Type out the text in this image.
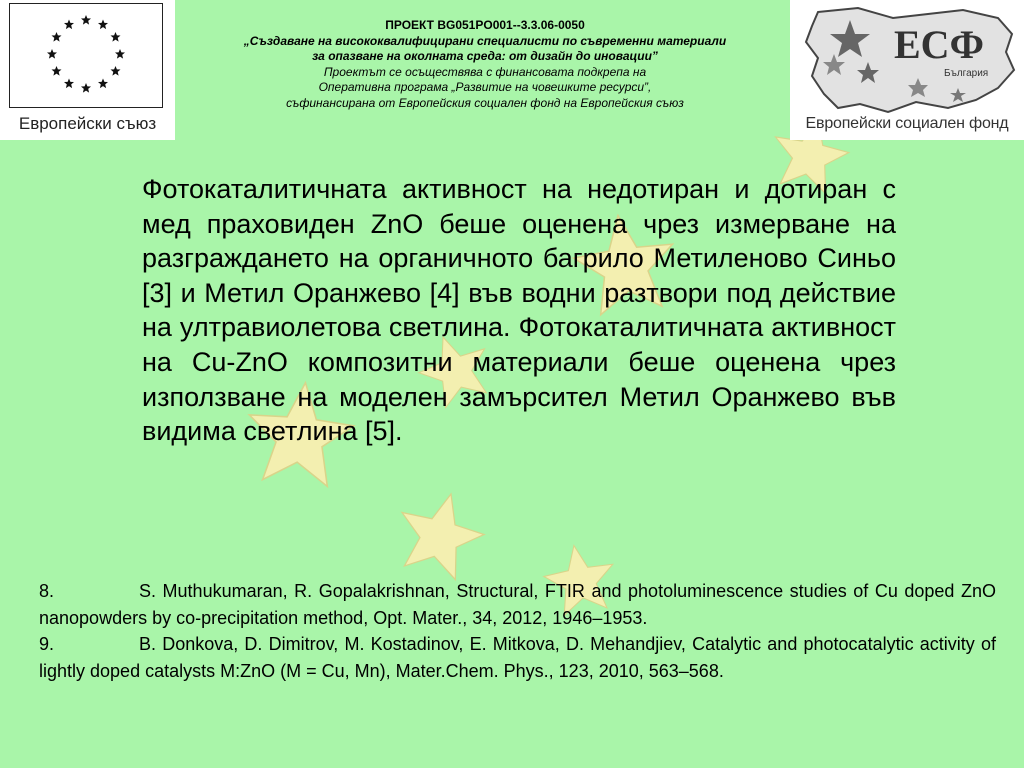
Европейски съюз
ЕСФ
България
Европейски социален фонд
ПРОЕКТ BG051PO001--3.3.06-0050
„Създаване на висококвалифицирани специалисти по съвременни материали
за опазване на околната среда: от дизайн до иновации”
Проектът се осъществява с финансовата подкрепа на
Оперативна програма „Развитие на човешките ресурси”,
съфинансирана от Европейския социален фонд на Европейския съюз
Фотокаталитичната активност на недотиран и дотиран с мед праховиден ZnO беше оценена чрез измерване на разграждането на органичното багрило Метиленово Синьо [3] и Метил Оранжево [4] във водни разтвори под действие на ултравиолетова светлина. Фотокаталитичната активност на Cu-ZnO композитни материали беше оценена чрез използване на моделен замърсител Метил Оранжево във видима светлина [5].
8.	S. Muthukumaran, R. Gopalakrishnan, Structural, FTIR and photoluminescence studies of Cu doped ZnO nanopowders by co-precipitation method, Opt. Mater., 34, 2012, 1946–1953.
9.	B. Donkova, D. Dimitrov, M. Kostadinov, E. Mitkova, D. Mehandjiev, Catalytic and photocatalytic activity of lightly doped catalysts M:ZnO (M = Cu, Mn), Mater.Chem. Phys., 123, 2010, 563–568.
